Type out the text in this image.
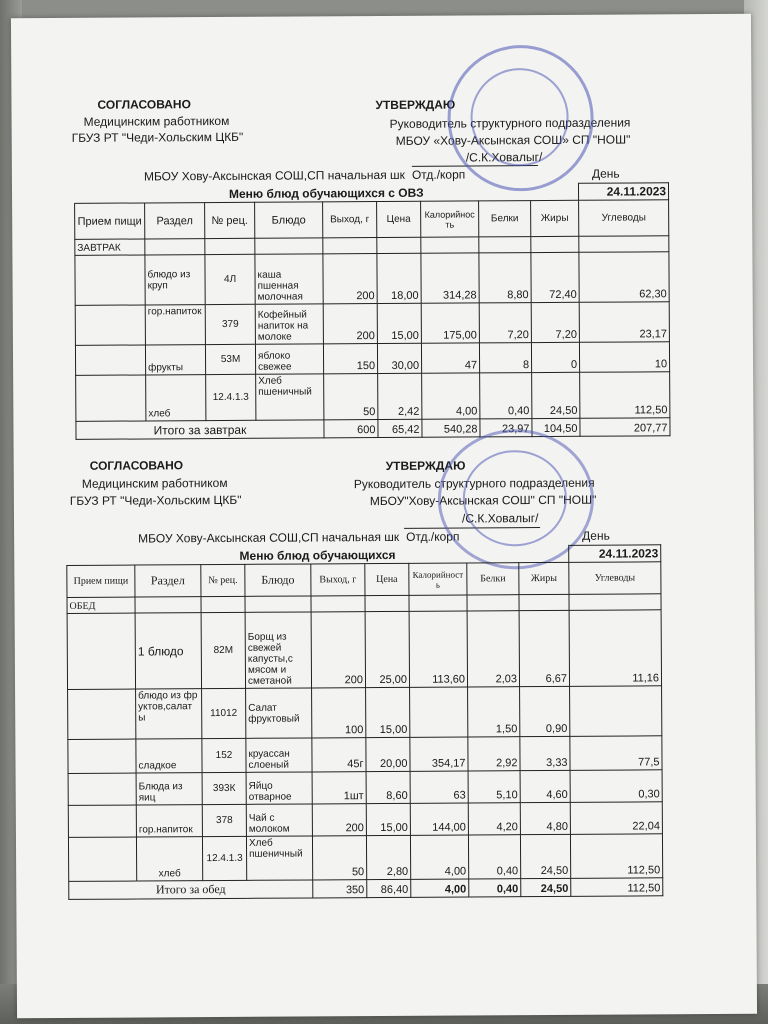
СОГЛАСОВАНО
Медицинским работником
ГБУЗ РТ "Чеди-Хольским ЦКБ"
УТВЕРЖДАЮ
Руководитель структурного подразделения
МБОУ «Хову-Аксынская СОШ» СП "НОШ"
/С.К.Ховалыг/
МБОУ Хову-Аксынская СОШ,СП начальная шк Отд./корп	День
Меню блюд обучающихся с ОВЗ									24.11.2023
Прием пищи	Раздел	№ рец.	Блюдо	Выход, г	Цена	Калорийность	Белки	Жиры	Углеводы
ЗАВТРАК									
	блюдо из круп	4Л	каша пшенная молочная	200	18,00	314,28	8,80	72,40	62,30
	гор.напиток	379	Кофейный напиток на молоке	200	15,00	175,00	7,20	7,20	23,17
	фрукты	53М	яблоко свежее	150	30,00	47	8	0	10
	хлеб	12.4.1.3	Хлеб пшеничный	50	2,42	4,00	0,40	24,50	112,50
Итого за завтрак				600	65,42	540,28	23,97	104,50	207,77
СОГЛАСОВАНО
Медицинским работником
ГБУЗ РТ "Чеди-Хольским ЦКБ"
УТВЕРЖДАЮ
Руководитель структурного подразделения
МБОУ"Хову-Аксынская СОШ" СП "НОШ"
/С.К.Ховалыг/
МБОУ Хову-Аксынская СОШ,СП начальная шк Отд./корп	День
Меню блюд обучающихся									24.11.2023
Прием пищи	Раздел	№ рец.	Блюдо	Выход, г	Цена	Калорийность	Белки	Жиры	Углеводы
ОБЕД									
	1 блюдо	82М	Борщ из свежей капусты,с мясом и сметаной	200	25,00	113,60	2,03	6,67	11,16
	блюдо из фруктов,салаты	11012	Салат фруктовый	100	15,00		1,50	0,90	
	сладкое	152	круассан слоеный	45г	20,00	354,17	2,92	3,33	77,5
	Блюда из яиц	393К	Яйцо отварное	1шт	8,60	63	5,10	4,60	0,30
	гор.напиток	378	Чай с молоком	200	15,00	144,00	4,20	4,80	22,04
	хлеб	12.4.1.3	Хлеб пшеничный	50	2,80	4,00	0,40	24,50	112,50
Итого за обед				350	86,40	4,00	0,40	24,50	112,50
